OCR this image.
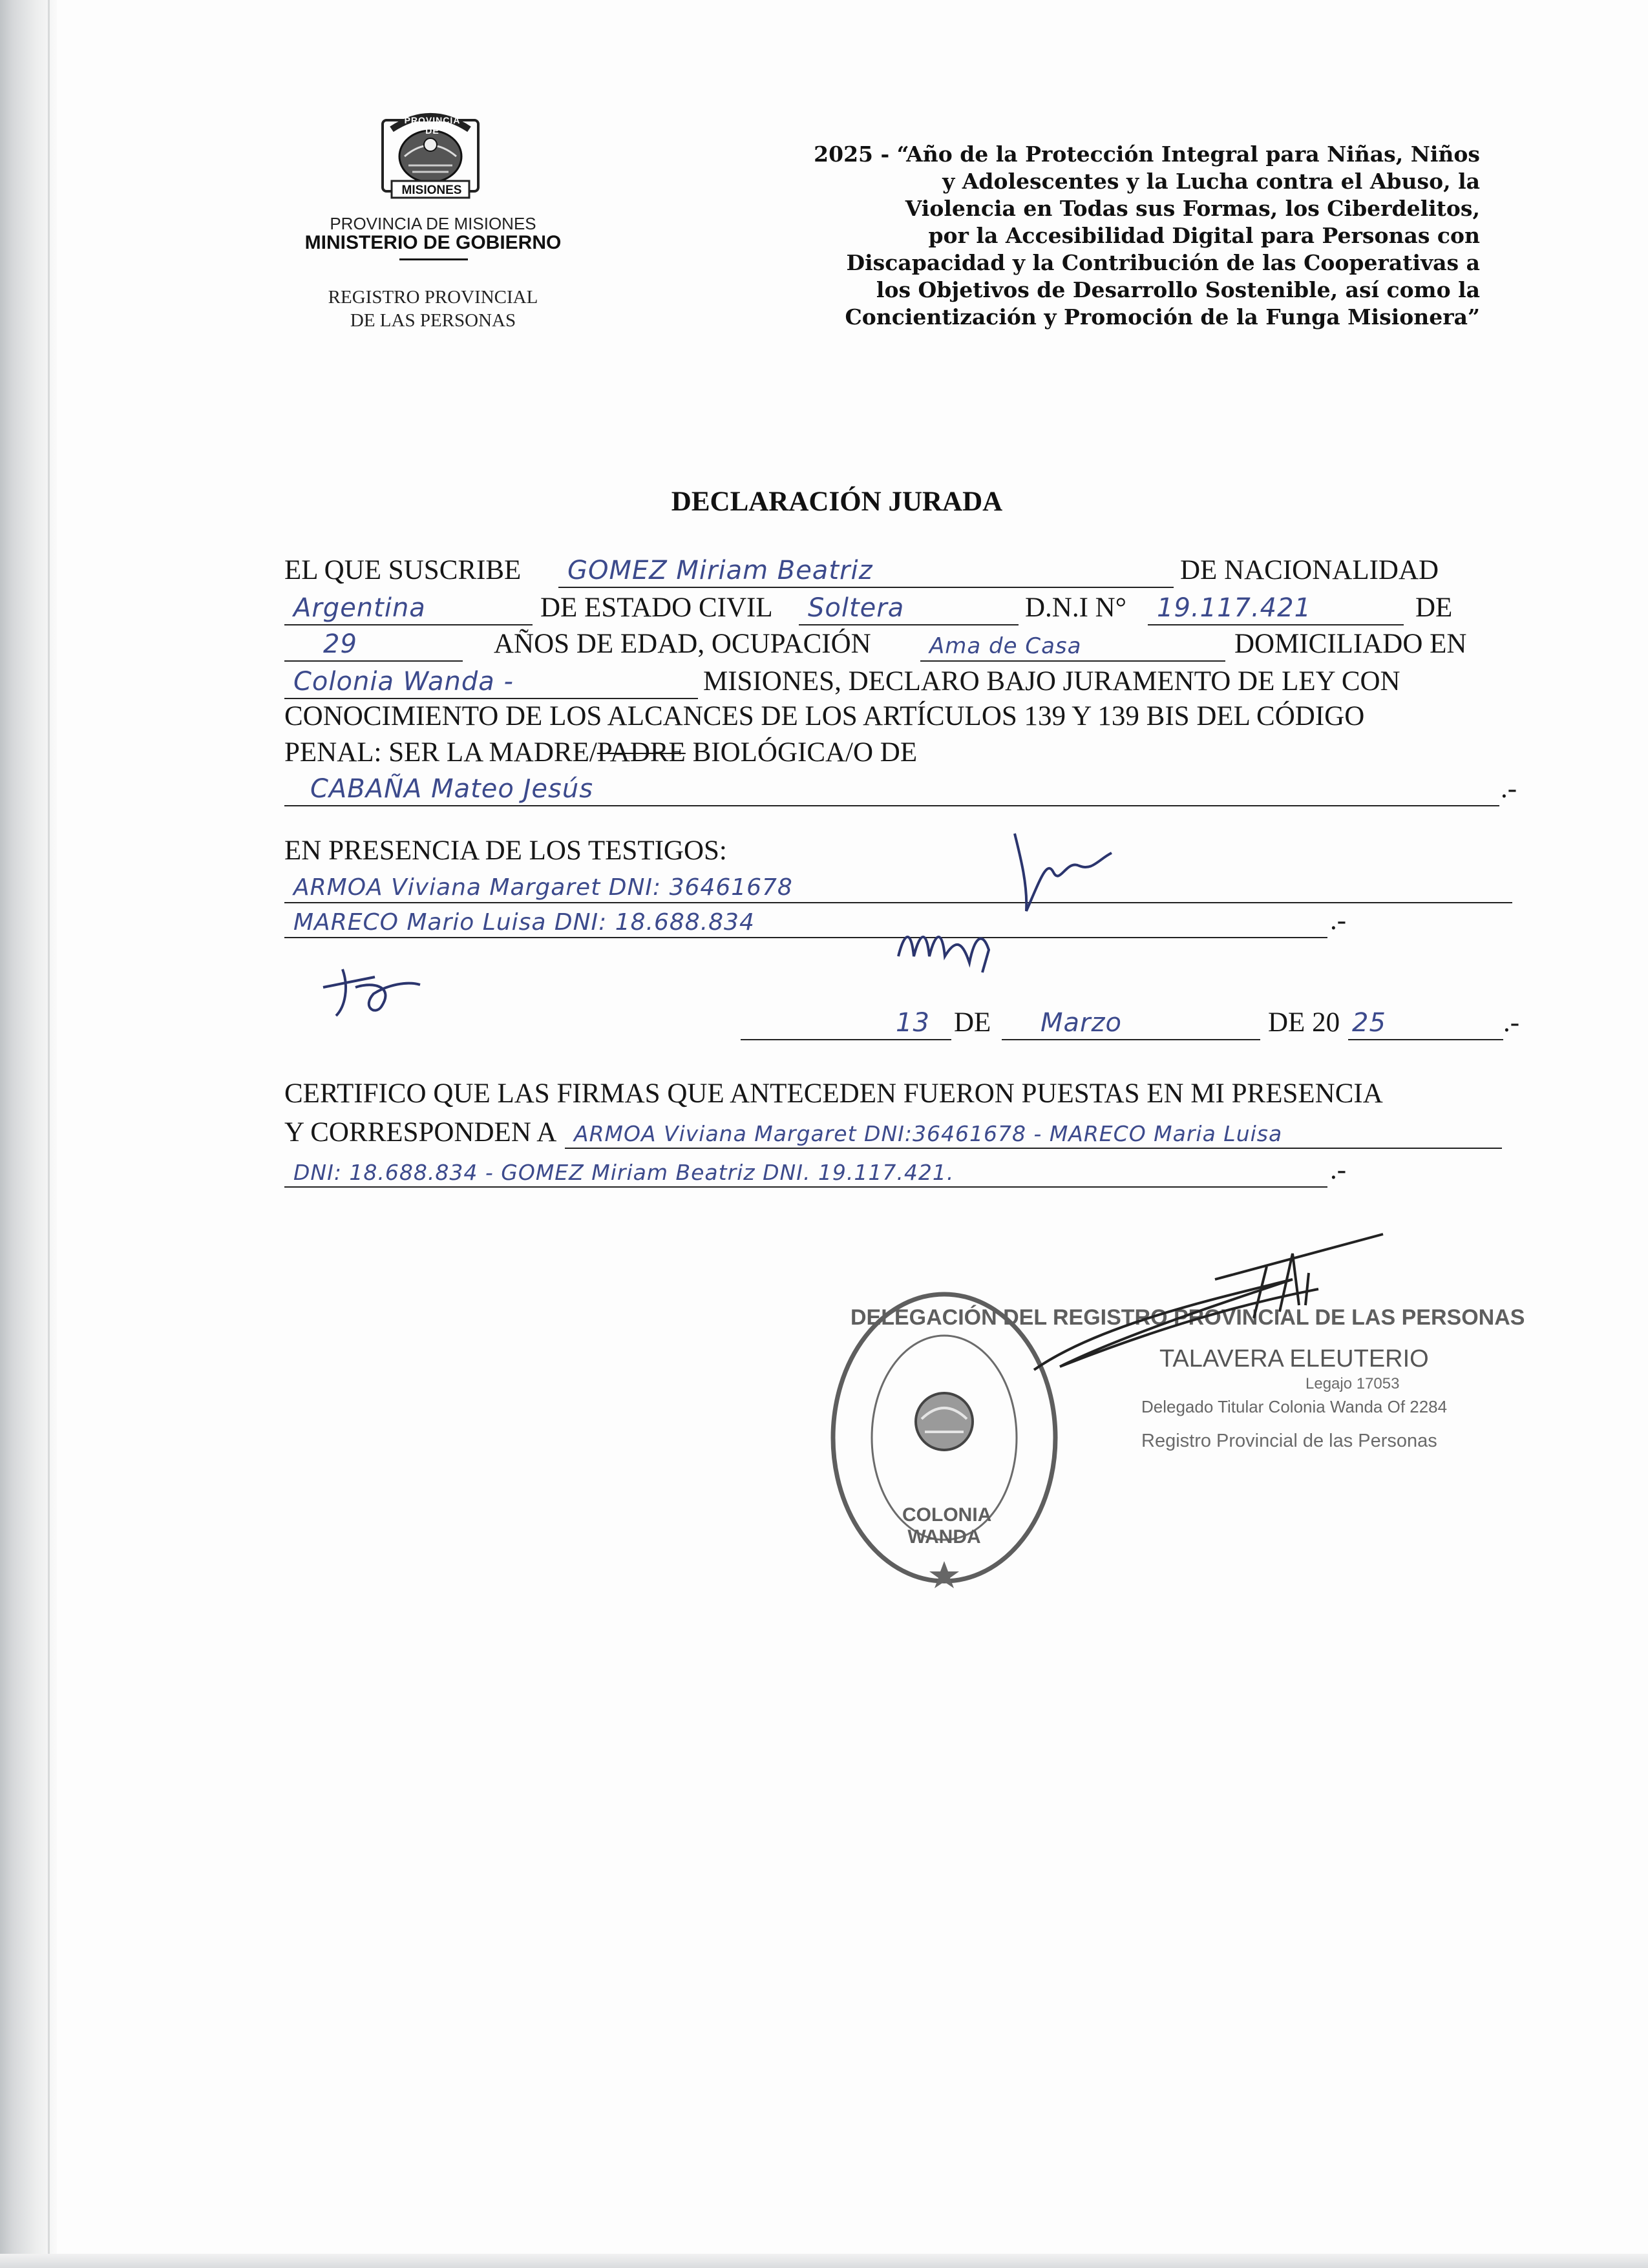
PROVINCIA DE
MISIONES
PROVINCIA DE MISIONES
MINISTERIO DE GOBIERNO
REGISTRO PROVINCIAL
DE LAS PERSONAS
2025 - “Año de la Protección Integral para Niñas, Niños
y Adolescentes y la Lucha contra el Abuso, la
Violencia en Todas sus Formas, los Ciberdelitos,
por la Accesibilidad Digital para Personas con
Discapacidad y la Contribución de las Cooperativas a
los Objetivos de Desarrollo Sostenible, así como la
Concientización y Promoción de la Funga Misionera”
DECLARACIÓN JURADA
EL QUE SUSCRIBE GOMEZ Miriam Beatriz	DE NACIONALIDAD
Argentina	DE ESTADO CIVIL Soltera	D.N.I N° 19.117.421	DE
29	AÑOS DE EDAD, OCUPACIÓN	Ama de Casa	DOMICILIADO EN
Colonia Wanda -	MISIONES, DECLARO BAJO JURAMENTO DE LEY CON
CONOCIMIENTO DE LOS ALCANCES DE LOS ARTÍCULOS 139 Y 139 BIS DEL CÓDIGO
PENAL: SER LA MADRE/PADRE BIOLÓGICA/O DE
CABAÑA Mateo Jesús	.-
EN PRESENCIA DE LOS TESTIGOS:
ARMOA Viviana Margaret DNI: 36461678
MARECO Mario Luisa DNI: 18.688.834	.-
13 DE Marzo	DE 20 25	.-
CERTIFICO QUE LAS FIRMAS QUE ANTECEDEN FUERON PUESTAS EN MI PRESENCIA
Y CORRESPONDEN A ARMOA Viviana Margaret DNI:36461678 - MARECO Maria Luisa
DNI: 18.688.834 - GOMEZ Miriam Beatriz DNI. 19.117.421.	.-
DELEGACIÓN DEL REGISTRO PROVINCIAL DE LAS PERSONAS
COLONIA WANDA
TALAVERA ELEUTERIO
Legajo 17053
Delegado Titular Colonia Wanda Of 2284
Registro Provincial de las Personas
